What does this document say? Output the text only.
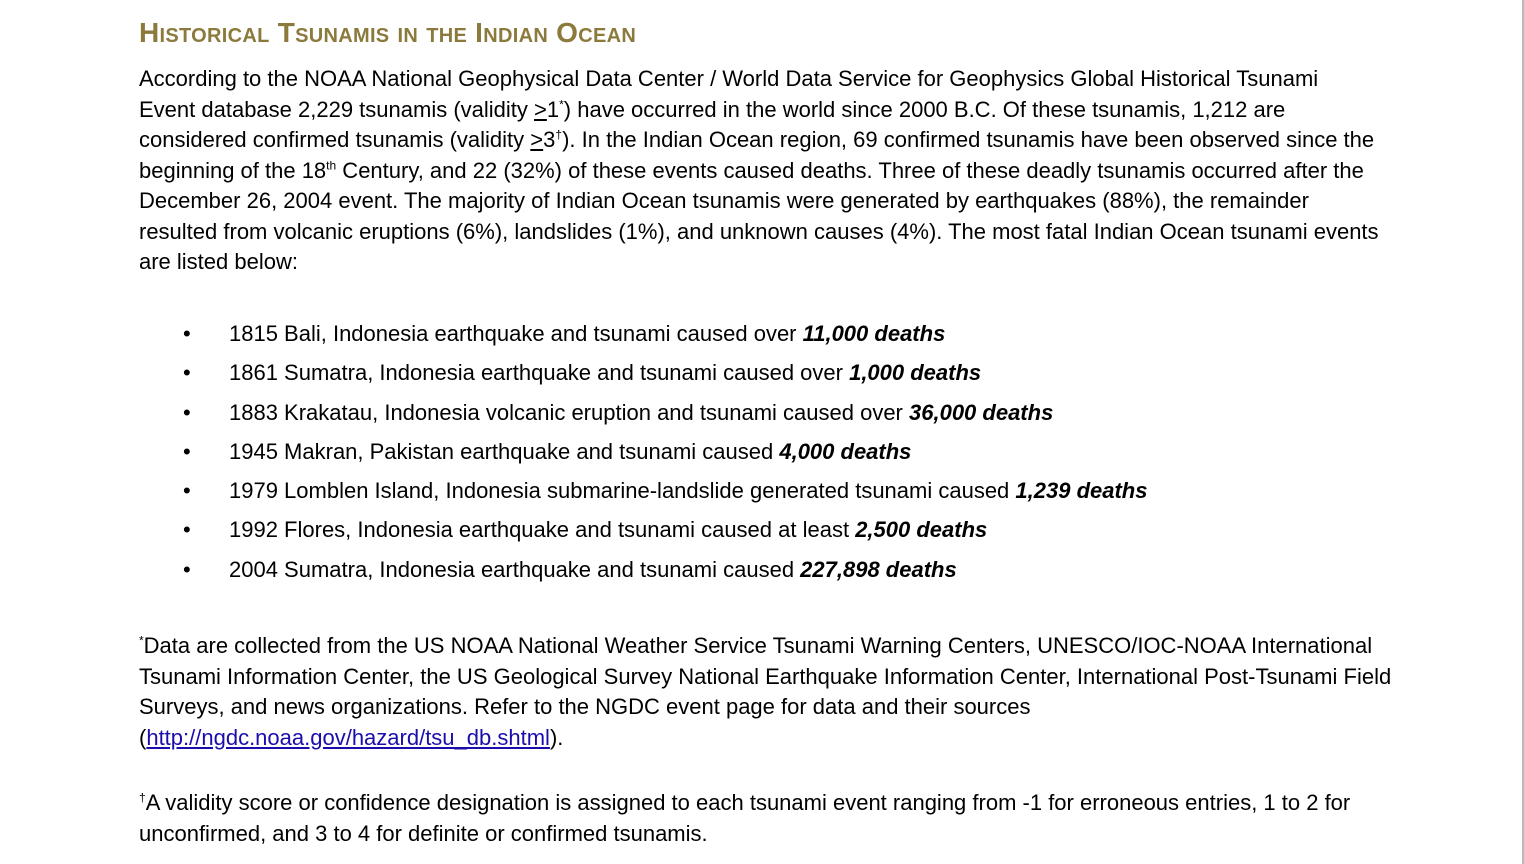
Historical Tsunamis in the Indian Ocean

According to the NOAA National Geophysical Data Center / World Data Service for Geophysics Global Historical Tsunami Event database 2,229 tsunamis (validity ≥1*) have occurred in the world since 2000 B.C. Of these tsunamis, 1,212 are considered confirmed tsunamis (validity ≥3†). In the Indian Ocean region, 69 confirmed tsunamis have been observed since the beginning of the 18th Century, and 22 (32%) of these events caused deaths. Three of these deadly tsunamis occurred after the December 26, 2004 event. The majority of Indian Ocean tsunamis were generated by earthquakes (88%), the remainder resulted from volcanic eruptions (6%), landslides (1%), and unknown causes (4%). The most fatal Indian Ocean tsunami events are listed below:

• 1815 Bali, Indonesia earthquake and tsunami caused over 11,000 deaths
• 1861 Sumatra, Indonesia earthquake and tsunami caused over 1,000 deaths
• 1883 Krakatau, Indonesia volcanic eruption and tsunami caused over 36,000 deaths
• 1945 Makran, Pakistan earthquake and tsunami caused 4,000 deaths
• 1979 Lomblen Island, Indonesia submarine-landslide generated tsunami caused 1,239 deaths
• 1992 Flores, Indonesia earthquake and tsunami caused at least 2,500 deaths
• 2004 Sumatra, Indonesia earthquake and tsunami caused 227,898 deaths

*Data are collected from the US NOAA National Weather Service Tsunami Warning Centers, UNESCO/IOC-NOAA International Tsunami Information Center, the US Geological Survey National Earthquake Information Center, International Post-Tsunami Field Surveys, and news organizations. Refer to the NGDC event page for data and their sources (http://ngdc.noaa.gov/hazard/tsu_db.shtml).

†A validity score or confidence designation is assigned to each tsunami event ranging from -1 for erroneous entries, 1 to 2 for unconfirmed, and 3 to 4 for definite or confirmed tsunamis.
